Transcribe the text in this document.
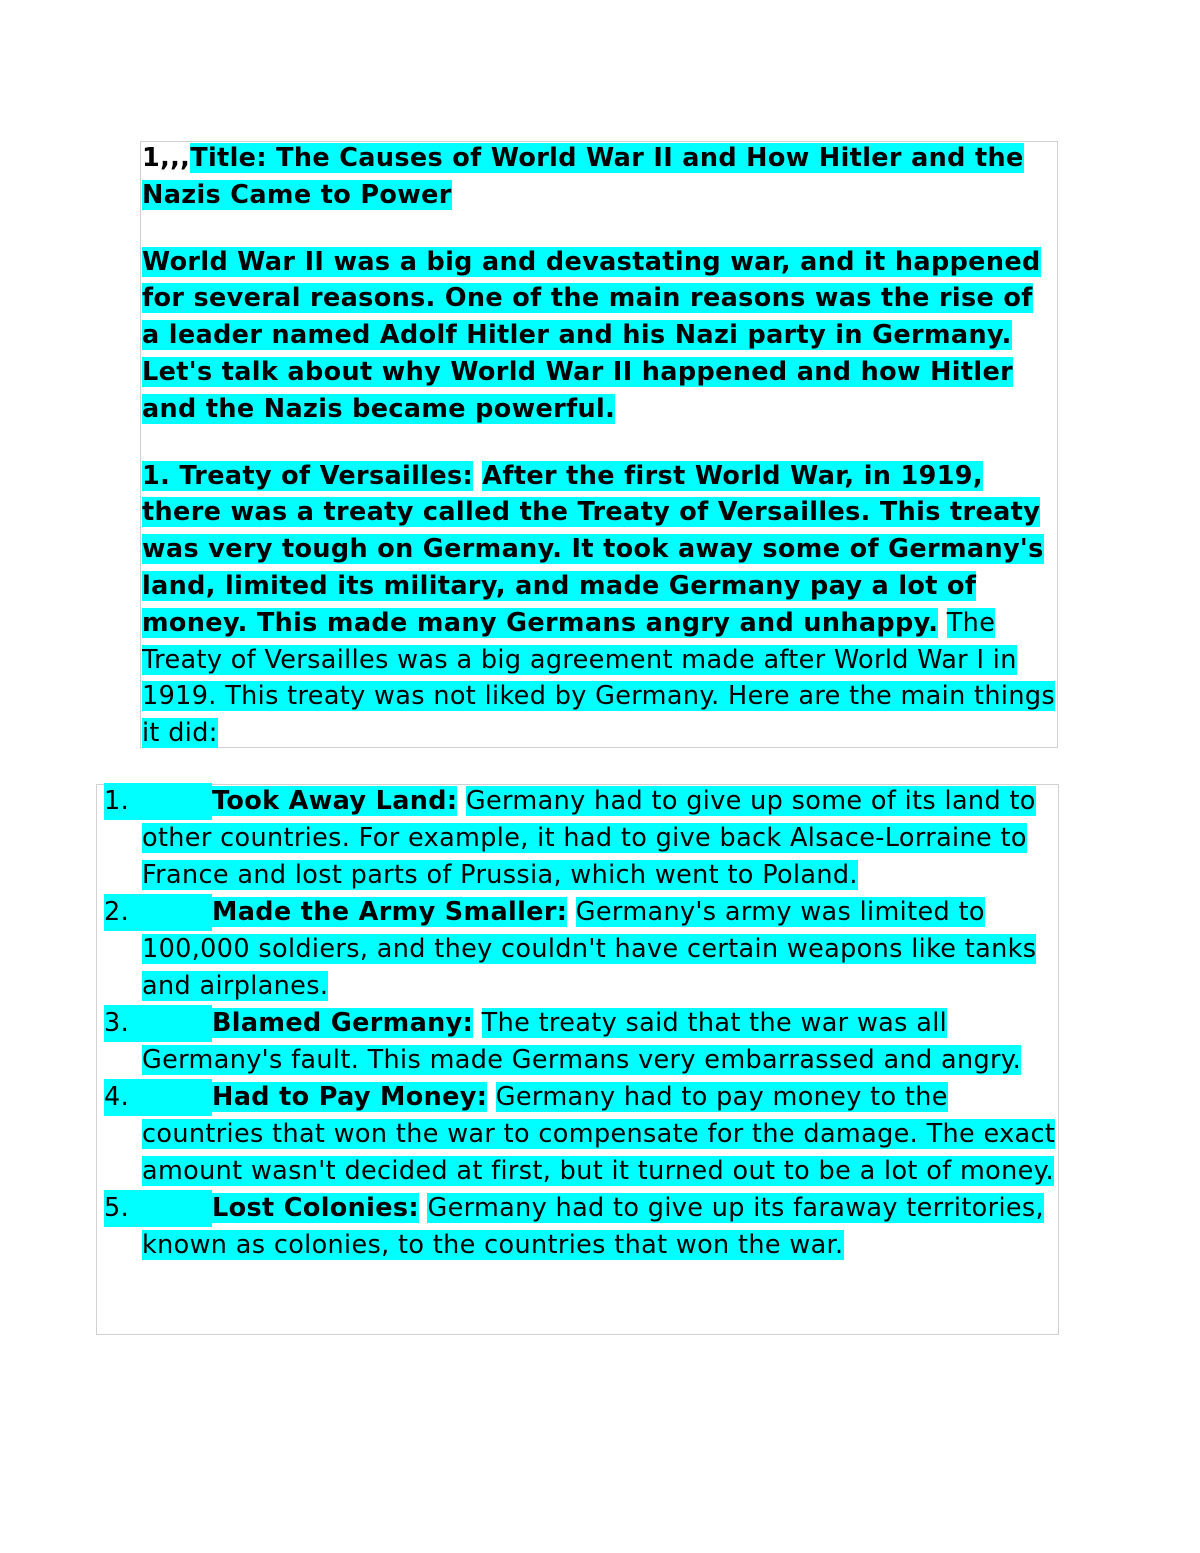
1,,,Title: The Causes of World War II and How Hitler and the Nazis Came to Power

World War II was a big and devastating war, and it happened for several reasons. One of the main reasons was the rise of a leader named Adolf Hitler and his Nazi party in Germany. Let's talk about why World War II happened and how Hitler and the Nazis became powerful.

1. Treaty of Versailles: After the first World War, in 1919, there was a treaty called the Treaty of Versailles. This treaty was very tough on Germany. It took away some of Germany's land, limited its military, and made Germany pay a lot of money. This made many Germans angry and unhappy. The Treaty of Versailles was a big agreement made after World War I in 1919. This treaty was not liked by Germany. Here are the main things it did:

1.	Took Away Land: Germany had to give up some of its land to other countries. For example, it had to give back Alsace-Lorraine to France and lost parts of Prussia, which went to Poland.

2.	Made the Army Smaller: Germany's army was limited to 100,000 soldiers, and they couldn't have certain weapons like tanks and airplanes.

3.	Blamed Germany: The treaty said that the war was all Germany's fault. This made Germans very embarrassed and angry.

4.	Had to Pay Money: Germany had to pay money to the countries that won the war to compensate for the damage. The exact amount wasn't decided at first, but it turned out to be a lot of money.

5.	Lost Colonies: Germany had to give up its faraway territories, known as colonies, to the countries that won the war.
